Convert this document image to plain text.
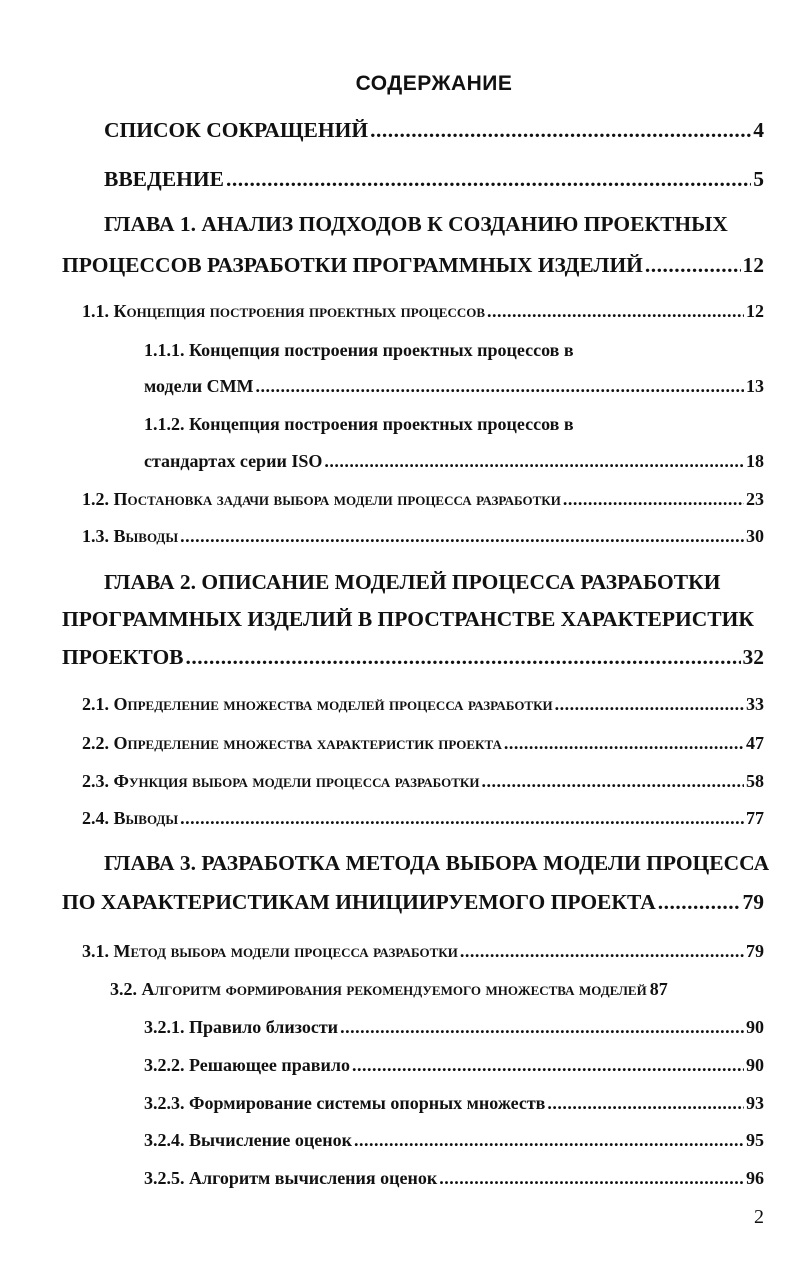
СОДЕРЖАНИЕ
СПИСОК СОКРАЩЕНИЙ .....	4
ВВЕДЕНИЕ .....	5
ГЛАВА 1. АНАЛИЗ ПОДХОДОВ К СОЗДАНИЮ ПРОЕКТНЫХ
ПРОЦЕССОВ РАЗРАБОТКИ ПРОГРАММНЫХ ИЗДЕЛИЙ .....	12
1.1. Концепция построения проектных процессов .....	12
1.1.1. Концепция построения проектных процессов в
модели CMM .....	13
1.1.2. Концепция построения проектных процессов в
стандартах серии ISO .....	18
1.2. Постановка задачи выбора модели процесса разработки .....	23
1.3. Выводы .....	30
ГЛАВА 2. ОПИСАНИЕ МОДЕЛЕЙ ПРОЦЕССА РАЗРАБОТКИ
ПРОГРАММНЫХ ИЗДЕЛИЙ В ПРОСТРАНСТВЕ ХАРАКТЕРИСТИК
ПРОЕКТОВ .....	32
2.1. Определение множества моделей процесса разработки .....	33
2.2. Определение множества характеристик проекта .....	47
2.3. Функция выбора модели процесса разработки .....	58
2.4. Выводы .....	77
ГЛАВА 3. РАЗРАБОТКА МЕТОДА ВЫБОРА МОДЕЛИ ПРОЦЕССА
ПО ХАРАКТЕРИСТИКАМ ИНИЦИИРУЕМОГО ПРОЕКТА .....	79
3.1. Метод выбора модели процесса разработки .....	79
3.2. Алгоритм формирования рекомендуемого множества моделей 87
3.2.1. Правило близости .....	90
3.2.2. Решающее правило .....	90
3.2.3. Формирование системы опорных множеств .....	93
3.2.4. Вычисление оценок .....	95
3.2.5. Алгоритм вычисления оценок .....	96
2
